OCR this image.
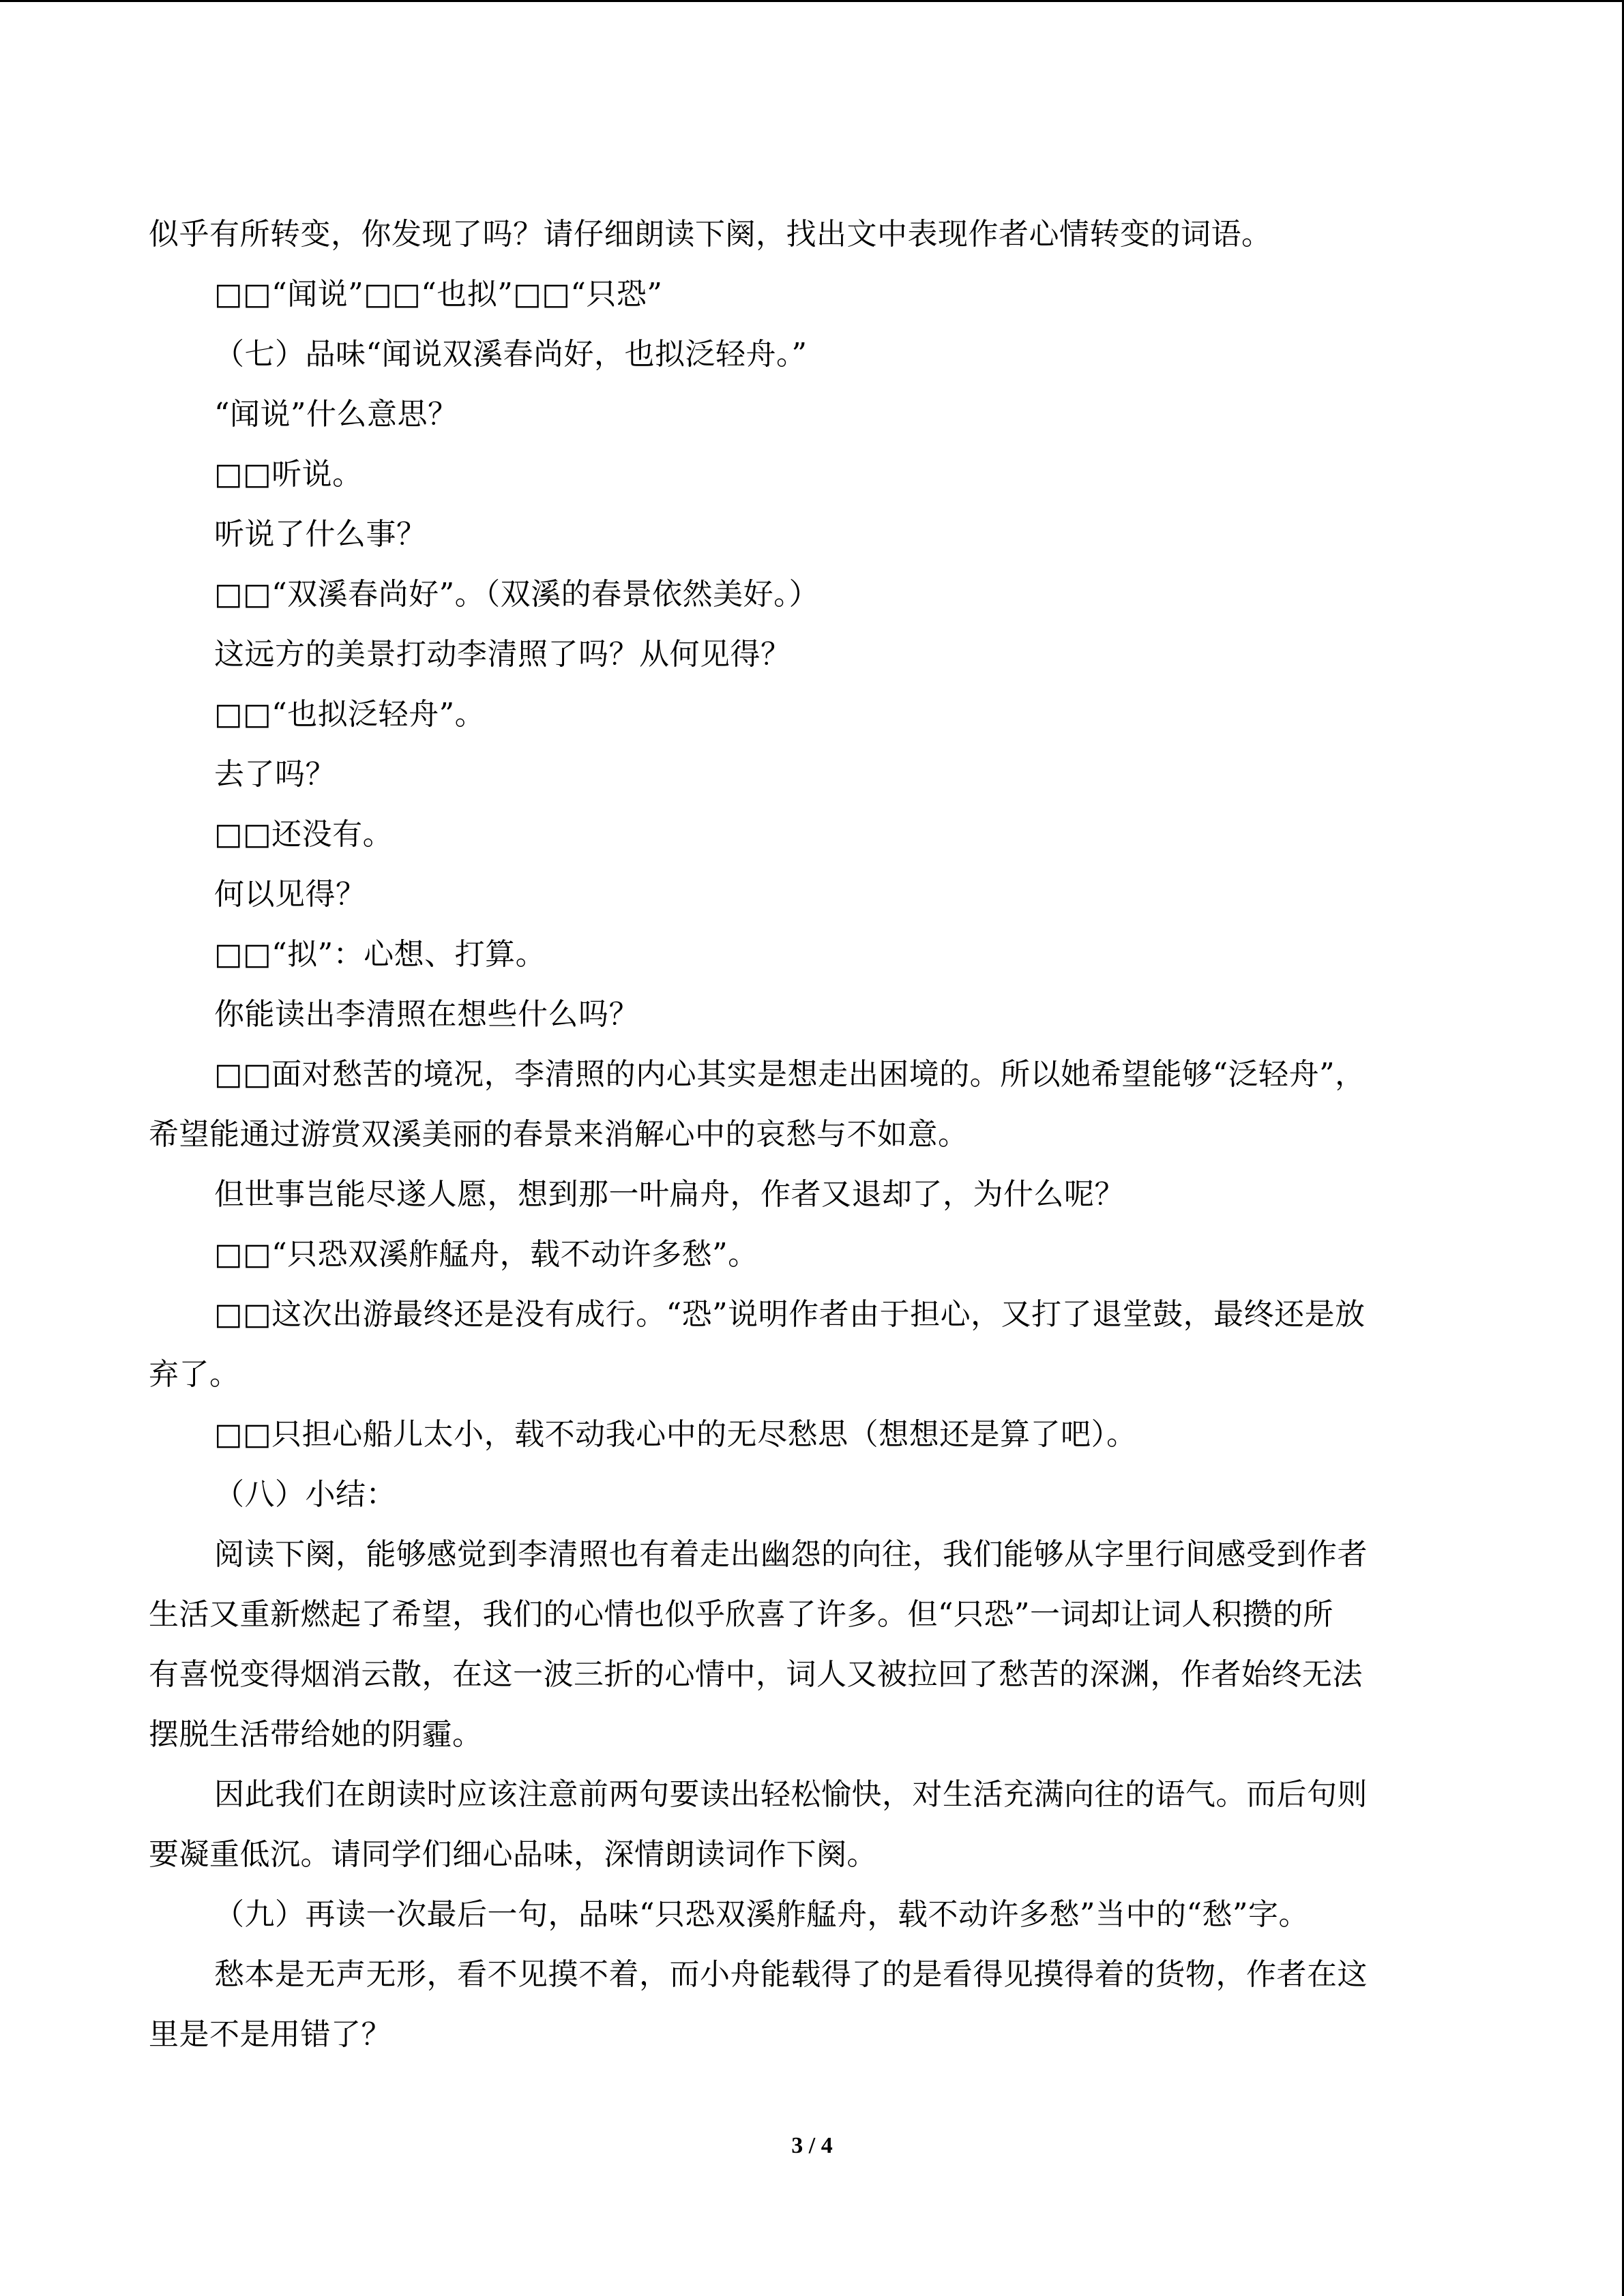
似乎有所转变，你发现了吗？请仔细朗读下阕，找出文中表现作者心情转变的词语。
□□“闻说”□□“也拟”□□“只恐”
（七）品味“闻说双溪春尚好，也拟泛轻舟。”
“闻说”什么意思？
□□听说。
听说了什么事？
□□“双溪春尚好”。（双溪的春景依然美好。）
这远方的美景打动李清照了吗？从何见得？
□□“也拟泛轻舟”。
去了吗？
□□还没有。
何以见得？
□□“拟”：心想、打算。
你能读出李清照在想些什么吗？
□□面对愁苦的境况，李清照的内心其实是想走出困境的。所以她希望能够“泛轻舟”，
希望能通过游赏双溪美丽的春景来消解心中的哀愁与不如意。
但世事岂能尽遂人愿，想到那一叶扁舟，作者又退却了，为什么呢？
□□“只恐双溪舴艋舟，载不动许多愁”。
□□这次出游最终还是没有成行。“恐”说明作者由于担心，又打了退堂鼓，最终还是放
弃了。
□□只担心船儿太小，载不动我心中的无尽愁思（想想还是算了吧）。
（八）小结：
阅读下阕，能够感觉到李清照也有着走出幽怨的向往，我们能够从字里行间感受到作者
生活又重新燃起了希望，我们的心情也似乎欣喜了许多。但“只恐”一词却让词人积攒的所
有喜悦变得烟消云散，在这一波三折的心情中，词人又被拉回了愁苦的深渊，作者始终无法
摆脱生活带给她的阴霾。
因此我们在朗读时应该注意前两句要读出轻松愉快，对生活充满向往的语气。而后句则
要凝重低沉。请同学们细心品味，深情朗读词作下阕。
（九）再读一次最后一句，品味“只恐双溪舴艋舟，载不动许多愁”当中的“愁”字。
愁本是无声无形，看不见摸不着，而小舟能载得了的是看得见摸得着的货物，作者在这
里是不是用错了？
3 / 4
